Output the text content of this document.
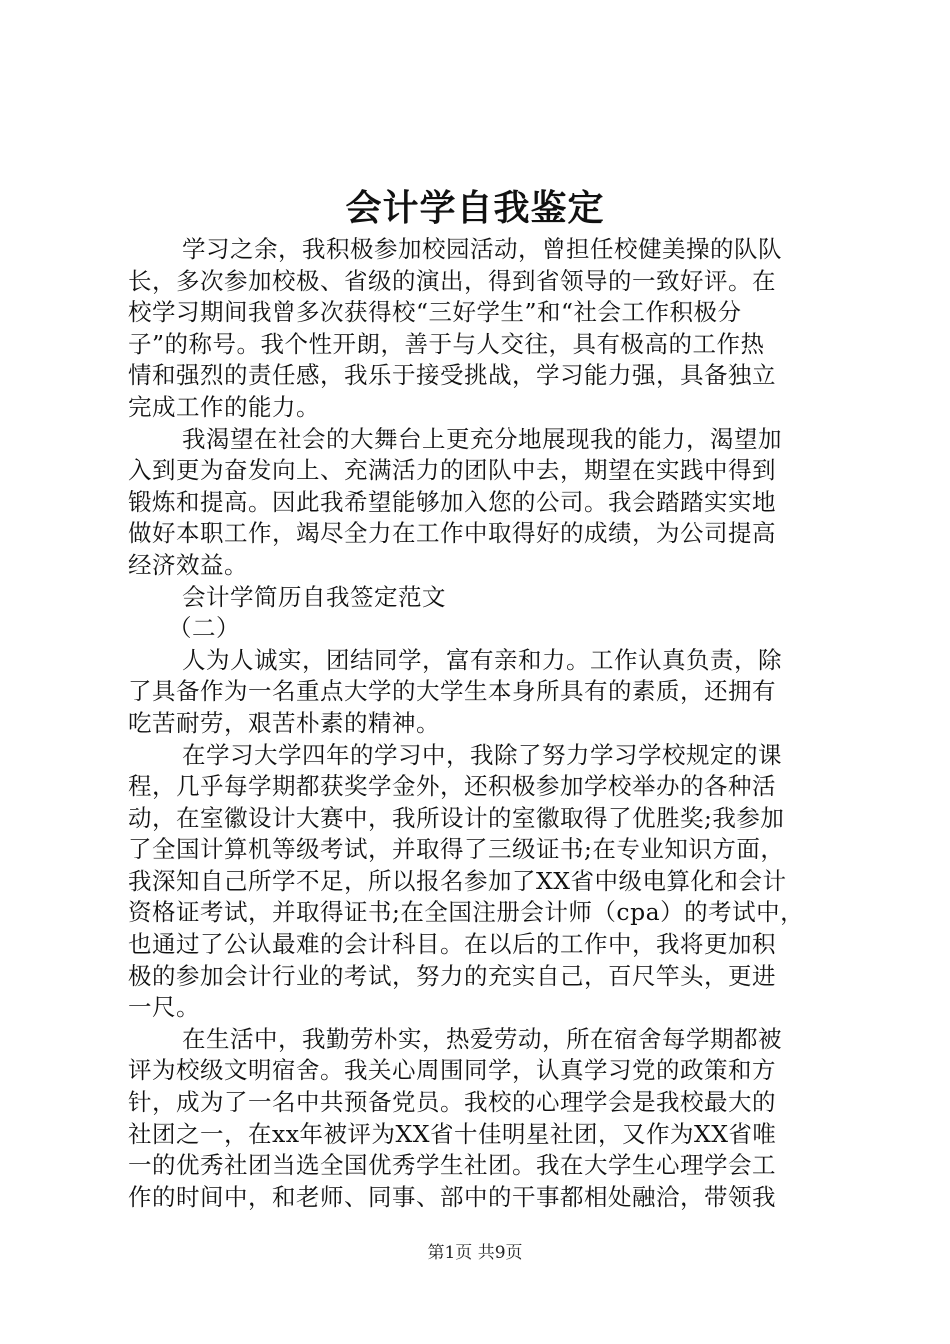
会计学自我鉴定
学习之余，我积极参加校园活动，曾担任校健美操的队队
长，多次参加校极、省级的演出，得到省领导的一致好评。在
校学习期间我曾多次获得校“三好学生”和“社会工作积极分
子”的称号。我个性开朗，善于与人交往，具有极高的工作热
情和强烈的责任感，我乐于接受挑战，学习能力强，具备独立
完成工作的能力。
我渴望在社会的大舞台上更充分地展现我的能力，渴望加
入到更为奋发向上、充满活力的团队中去，期望在实践中得到
锻炼和提高。因此我希望能够加入您的公司。我会踏踏实实地
做好本职工作，竭尽全力在工作中取得好的成绩，为公司提高
经济效益。
会计学简历自我签定范文
（二）
人为人诚实，团结同学，富有亲和力。工作认真负责，除
了具备作为一名重点大学的大学生本身所具有的素质，还拥有
吃苦耐劳，艰苦朴素的精神。
在学习大学四年的学习中，我除了努力学习学校规定的课
程，几乎每学期都获奖学金外，还积极参加学校举办的各种活
动，在室徽设计大赛中，我所设计的室徽取得了优胜奖;我参加
了全国计算机等级考试，并取得了三级证书;在专业知识方面，
我深知自己所学不足，所以报名参加了XX省中级电算化和会计
资格证考试，并取得证书;在全国注册会计师（cpa）的考试中，
也通过了公认最难的会计科目。在以后的工作中，我将更加积
极的参加会计行业的考试，努力的充实自己，百尺竿头，更进
一尺。
在生活中，我勤劳朴实，热爱劳动，所在宿舍每学期都被
评为校级文明宿舍。我关心周围同学，认真学习党的政策和方
针，成为了一名中共预备党员。我校的心理学会是我校最大的
社团之一，在xx年被评为XX省十佳明星社团，又作为XX省唯
一的优秀社团当选全国优秀学生社团。我在大学生心理学会工
作的时间中，和老师、同事、部中的干事都相处融洽，带领我
第1页 共9页
